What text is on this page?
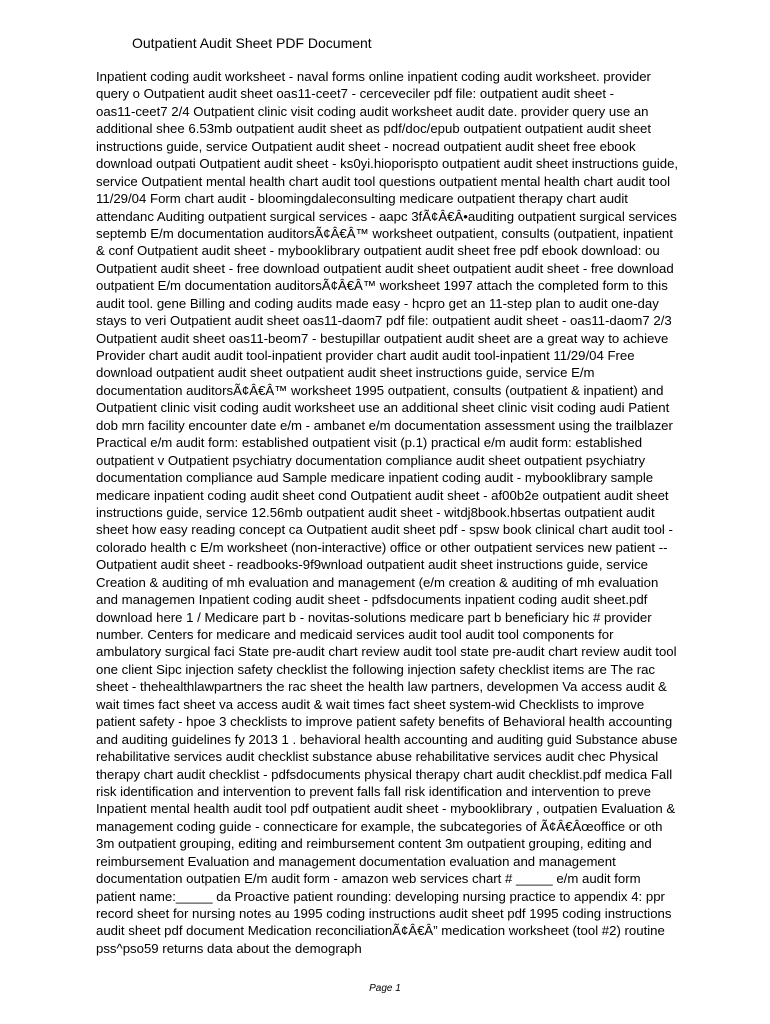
Outpatient Audit Sheet PDF Document
Inpatient coding audit worksheet - naval forms online inpatient coding audit worksheet. provider
query o Outpatient audit sheet oas11-ceet7 - cerceveciler pdf file: outpatient audit sheet -
oas11-ceet7 2/4 Outpatient clinic visit coding audit worksheet audit date. provider query use an
additional shee 6.53mb outpatient audit sheet as pdf/doc/epub outpatient outpatient audit sheet
instructions guide, service Outpatient audit sheet - nocread outpatient audit sheet free ebook
download outpati Outpatient audit sheet - ks0yi.hioporispto outpatient audit sheet instructions guide,
service Outpatient mental health chart audit tool questions outpatient mental health chart audit tool
11/29/04 Form chart audit - bloomingdaleconsulting medicare outpatient therapy chart audit
attendanc Auditing outpatient surgical services - aapc 3fÃ¢Â€Â•auditing outpatient surgical services
septemb E/m documentation auditorsÃ¢Â€Â™ worksheet outpatient, consults (outpatient, inpatient
& conf Outpatient audit sheet - mybooklibrary outpatient audit sheet free pdf ebook download: ou
Outpatient audit sheet - free download outpatient audit sheet outpatient audit sheet - free download
outpatient E/m documentation auditorsÃ¢Â€Â™ worksheet 1997 attach the completed form to this
audit tool. gene Billing and coding audits made easy - hcpro get an 11-step plan to audit one-day
stays to veri Outpatient audit sheet oas11-daom7 pdf file: outpatient audit sheet - oas11-daom7 2/3
Outpatient audit sheet oas11-beom7 - bestupillar outpatient audit sheet are a great way to achieve
Provider chart audit audit tool-inpatient provider chart audit audit tool-inpatient 11/29/04 Free
download outpatient audit sheet outpatient audit sheet instructions guide, service E/m
documentation auditorsÃ¢Â€Â™ worksheet 1995 outpatient, consults (outpatient & inpatient) and
Outpatient clinic visit coding audit worksheet use an additional sheet clinic visit coding audi Patient
dob mrn facility encounter date e/m - ambanet e/m documentation assessment using the trailblazer
Practical e/m audit form: established outpatient visit (p.1) practical e/m audit form: established
outpatient v Outpatient psychiatry documentation compliance audit sheet outpatient psychiatry
documentation compliance aud Sample medicare inpatient coding audit - mybooklibrary sample
medicare inpatient coding audit sheet cond Outpatient audit sheet - af00b2e outpatient audit sheet
instructions guide, service 12.56mb outpatient audit sheet - witdj8book.hbsertas outpatient audit
sheet how easy reading concept ca Outpatient audit sheet pdf - spsw book clinical chart audit tool -
colorado health c E/m worksheet (non-interactive) office or other outpatient services new patient --
Outpatient audit sheet - readbooks-9f9wnload outpatient audit sheet instructions guide, service
Creation & auditing of mh evaluation and management (e/m creation & auditing of mh evaluation
and managemen Inpatient coding audit sheet - pdfsdocuments inpatient coding audit sheet.pdf
download here 1 / Medicare part b - novitas-solutions medicare part b beneficiary hic # provider
number. Centers for medicare and medicaid services audit tool audit tool components for
ambulatory surgical faci State pre-audit chart review audit tool state pre-audit chart review audit tool
one client Sipc injection safety checklist the following injection safety checklist items are The rac
sheet - thehealthlawpartners the rac sheet the health law partners, developmen Va access audit &
wait times fact sheet va access audit & wait times fact sheet system-wid Checklists to improve
patient safety - hpoe 3 checklists to improve patient safety benefits of Behavioral health accounting
and auditing guidelines fy 2013 1 . behavioral health accounting and auditing guid Substance abuse
rehabilitative services audit checklist substance abuse rehabilitative services audit chec Physical
therapy chart audit checklist - pdfsdocuments physical therapy chart audit checklist.pdf medica Fall
risk identification and intervention to prevent falls fall risk identification and intervention to preve
Inpatient mental health audit tool pdf outpatient audit sheet - mybooklibrary , outpatien Evaluation &
management coding guide - connecticare for example, the subcategories of Ã¢Â€Âœoffice or oth
3m outpatient grouping, editing and reimbursement content 3m outpatient grouping, editing and
reimbursement Evaluation and management documentation evaluation and management
documentation outpatien E/m audit form - amazon web services chart # _____ e/m audit form
patient name:_____ da Proactive patient rounding: developing nursing practice to appendix 4: ppr
record sheet for nursing notes au 1995 coding instructions audit sheet pdf 1995 coding instructions
audit sheet pdf document Medication reconciliationÃ¢Â€Â” medication worksheet (tool #2) routine
pss^pso59 returns data about the demograph
Page 1
